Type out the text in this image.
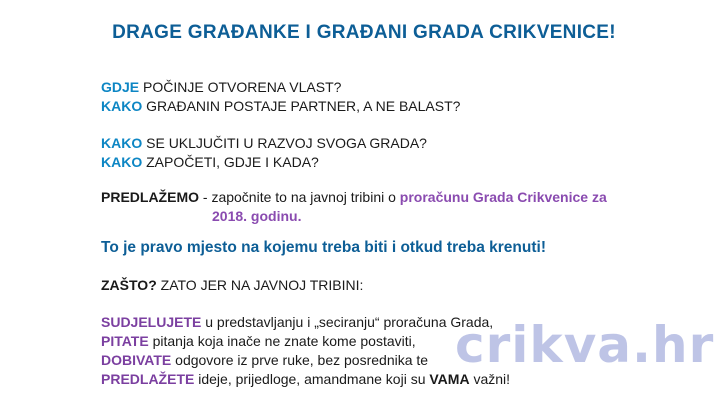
DRAGE GRAĐANKE I GRAĐANI GRADA CRIKVENICE!
GDJE POČINJE OTVORENA VLAST?
KAKO GRAĐANIN POSTAJE PARTNER, A NE BALAST?
KAKO SE UKLJUČITI U RAZVOJ SVOGA GRADA?
KAKO ZAPOČETI, GDJE I KADA?
PREDLAŽEMO - započnite to na javnoj tribini o proračunu Grada Crikvenice za
2018. godinu.
To je pravo mjesto na kojemu treba biti i otkud treba krenuti!
ZAŠTO? ZATO JER NA JAVNOJ TRIBINI:
SUDJELUJETE u predstavljanju i „seciranju“ proračuna Grada,
PITATE pitanja koja inače ne znate kome postaviti,
DOBIVATE odgovore iz prve ruke, bez posrednika te
PREDLAŽETE ideje, prijedloge, amandmane koji su VAMA važni!
crikva.hr
